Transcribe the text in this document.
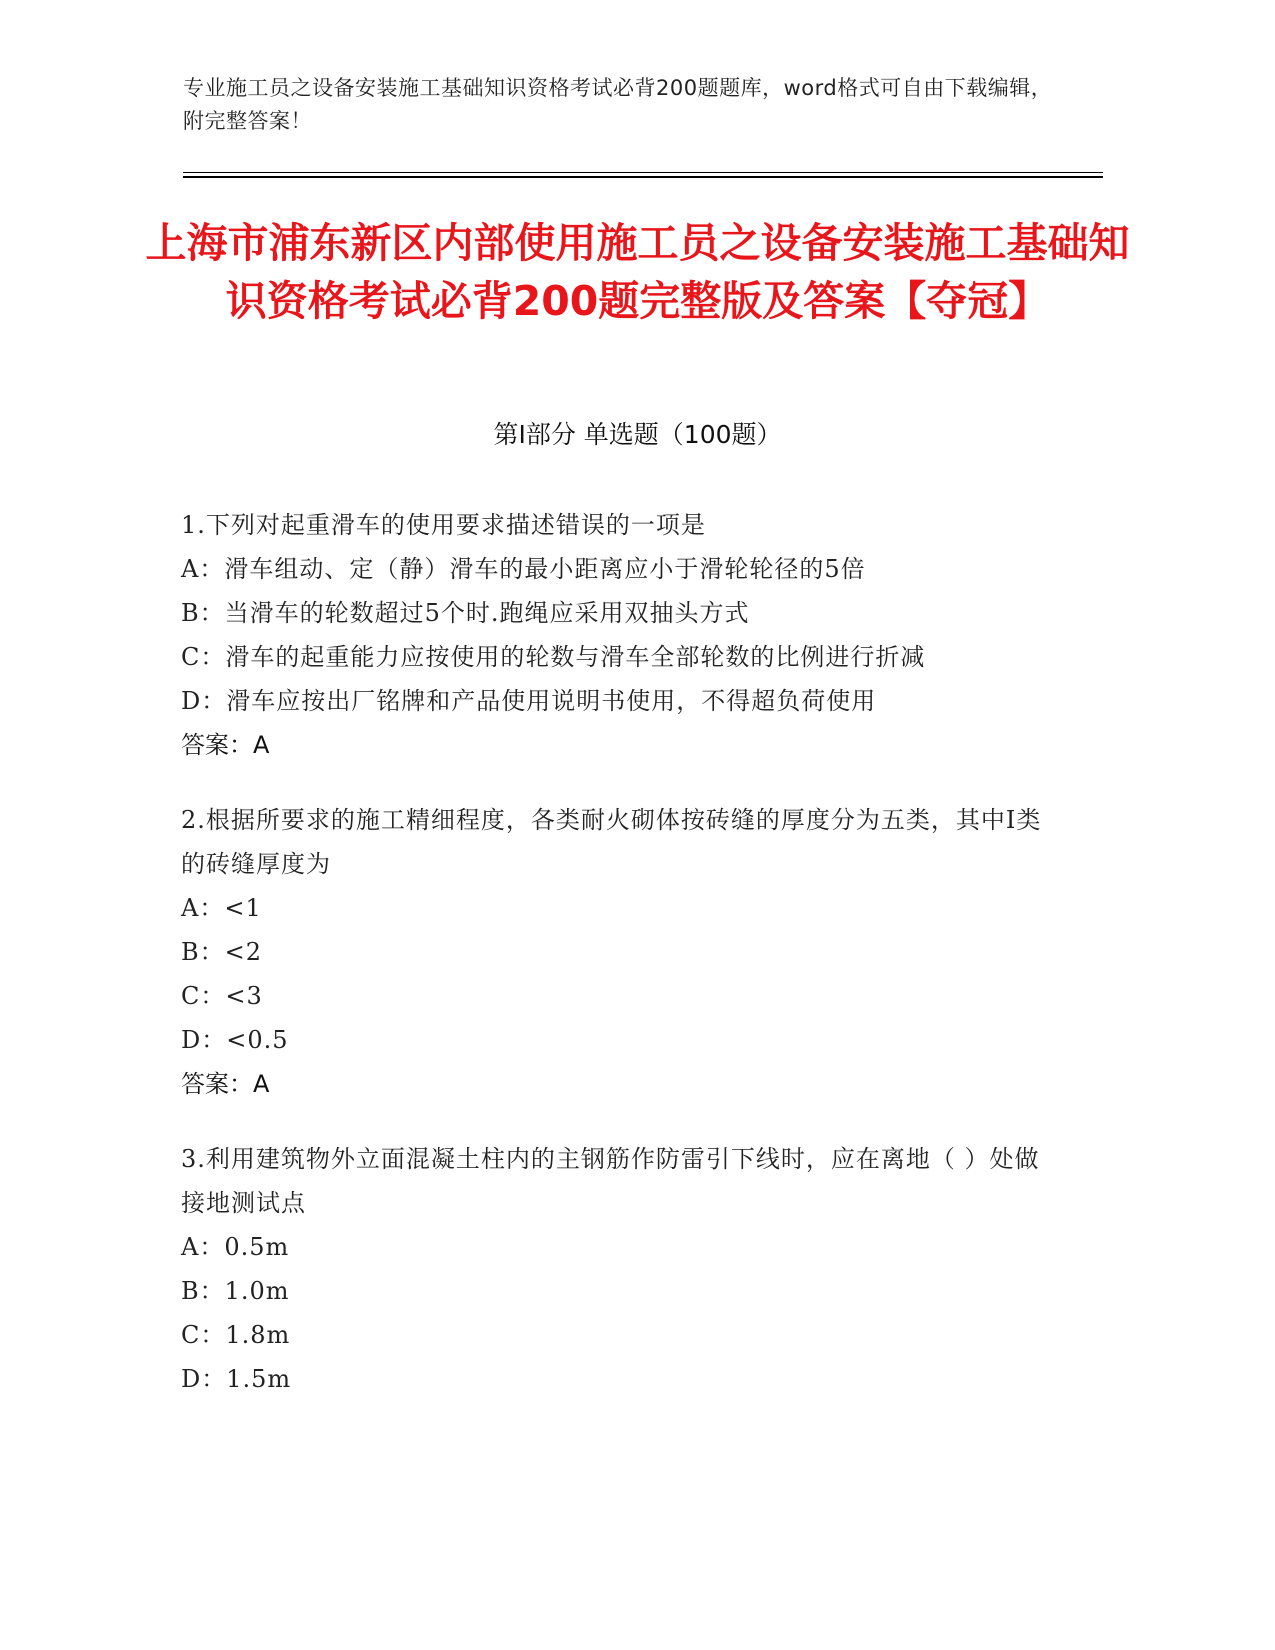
专业施工员之设备安装施工基础知识资格考试必背200题题库，word格式可自由下载编辑，附完整答案！
上海市浦东新区内部使用施工员之设备安装施工基础知识资格考试必背200题完整版及答案【夺冠】
第Ⅰ部分 单选题（100题）
1.下列对起重滑车的使用要求描述错误的一项是
A：滑车组动、定（静）滑车的最小距离应小于滑轮轮径的5倍
B：当滑车的轮数超过5个时.跑绳应采用双抽头方式
C：滑车的起重能力应按使用的轮数与滑车全部轮数的比例进行折减
D：滑车应按出厂铭牌和产品使用说明书使用，不得超负荷使用
答案：A
2.根据所要求的施工精细程度，各类耐火砌体按砖缝的厚度分为五类，其中Ⅰ类的砖缝厚度为
A：<1
B：<2
C：<3
D：<0.5
答案：A
3.利用建筑物外立面混凝土柱内的主钢筋作防雷引下线时，应在离地（ ）处做接地测试点
A：0.5m
B：1.0m
C：1.8m
D：1.5m
